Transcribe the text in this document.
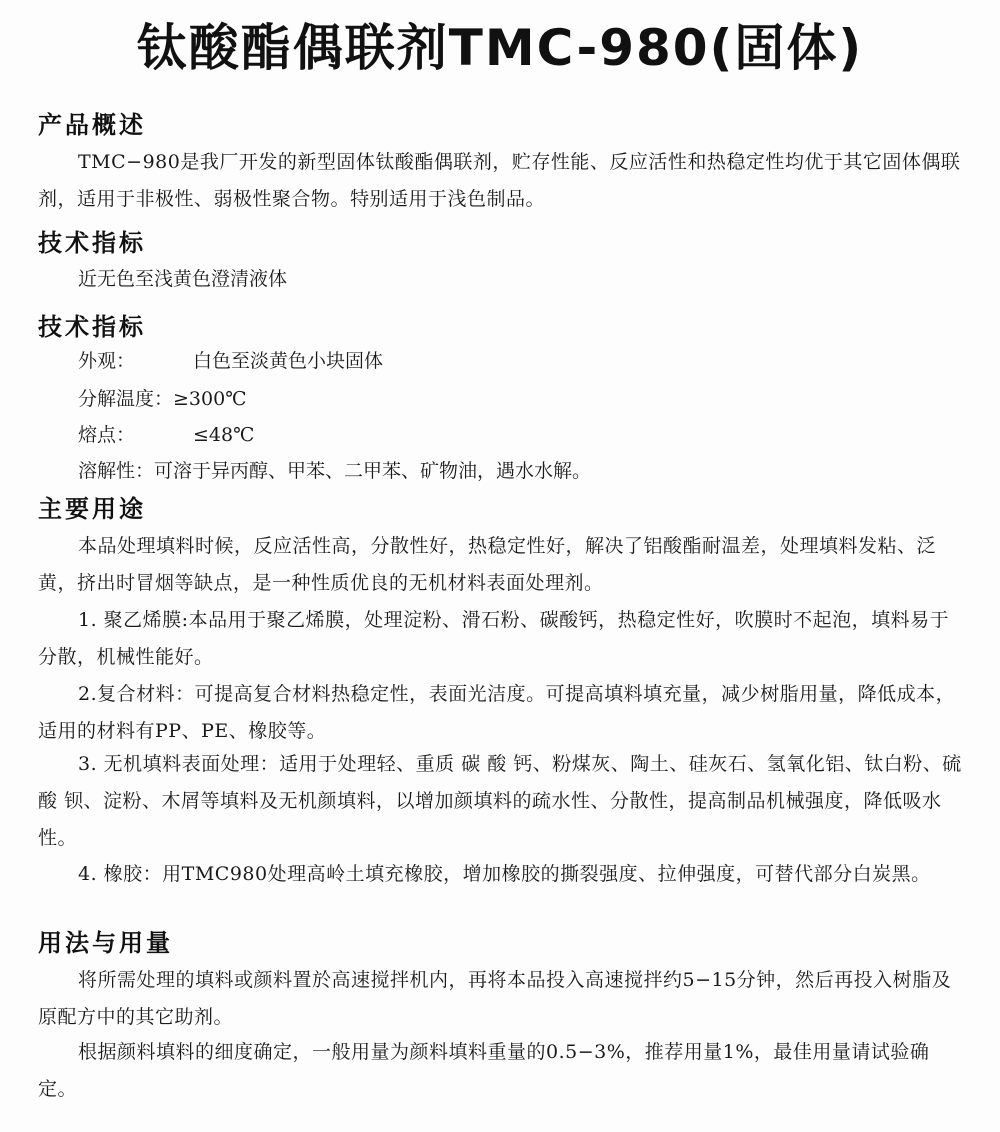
钛酸酯偶联剂TMC-980(固体)
产品概述
TMC−980是我厂开发的新型固体钛酸酯偶联剂，贮存性能、反应活性和热稳定性均优于其它固体偶联剂，适用于非极性、弱极性聚合物。特别适用于浅色制品。
技术指标
近无色至浅黄色澄清液体
技术指标
外观：	白色至淡黄色小块固体
分解温度：≥300℃
熔点：	≤48℃
溶解性：可溶于异丙醇、甲苯、二甲苯、矿物油，遇水水解。
主要用途
本品处理填料时候，反应活性高，分散性好，热稳定性好，解决了铝酸酯耐温差，处理填料发粘、泛黄，挤出时冒烟等缺点，是一种性质优良的无机材料表面处理剂。
1. 聚乙烯膜:本品用于聚乙烯膜，处理淀粉、滑石粉、碳酸钙，热稳定性好，吹膜时不起泡，填料易于分散，机械性能好。
2.复合材料：可提高复合材料热稳定性，表面光洁度。可提高填料填充量，减少树脂用量，降低成本，适用的材料有PP、PE、橡胶等。
3. 无机填料表面处理：适用于处理轻、重质 碳 酸 钙、粉煤灰、陶土、硅灰石、氢氧化铝、钛白粉、硫 酸 钡、淀粉、木屑等填料及无机颜填料，以增加颜填料的疏水性、分散性，提高制品机械强度，降低吸水性。
4. 橡胶：用TMC980处理高岭土填充橡胶，增加橡胶的撕裂强度、拉伸强度，可替代部分白炭黑。
用法与用量
将所需处理的填料或颜料置於高速搅拌机内，再将本品投入高速搅拌约5−15分钟，然后再投入树脂及原配方中的其它助剂。
根据颜料填料的细度确定，一般用量为颜料填料重量的0.5−3%，推荐用量1%，最佳用量请试验确定。
